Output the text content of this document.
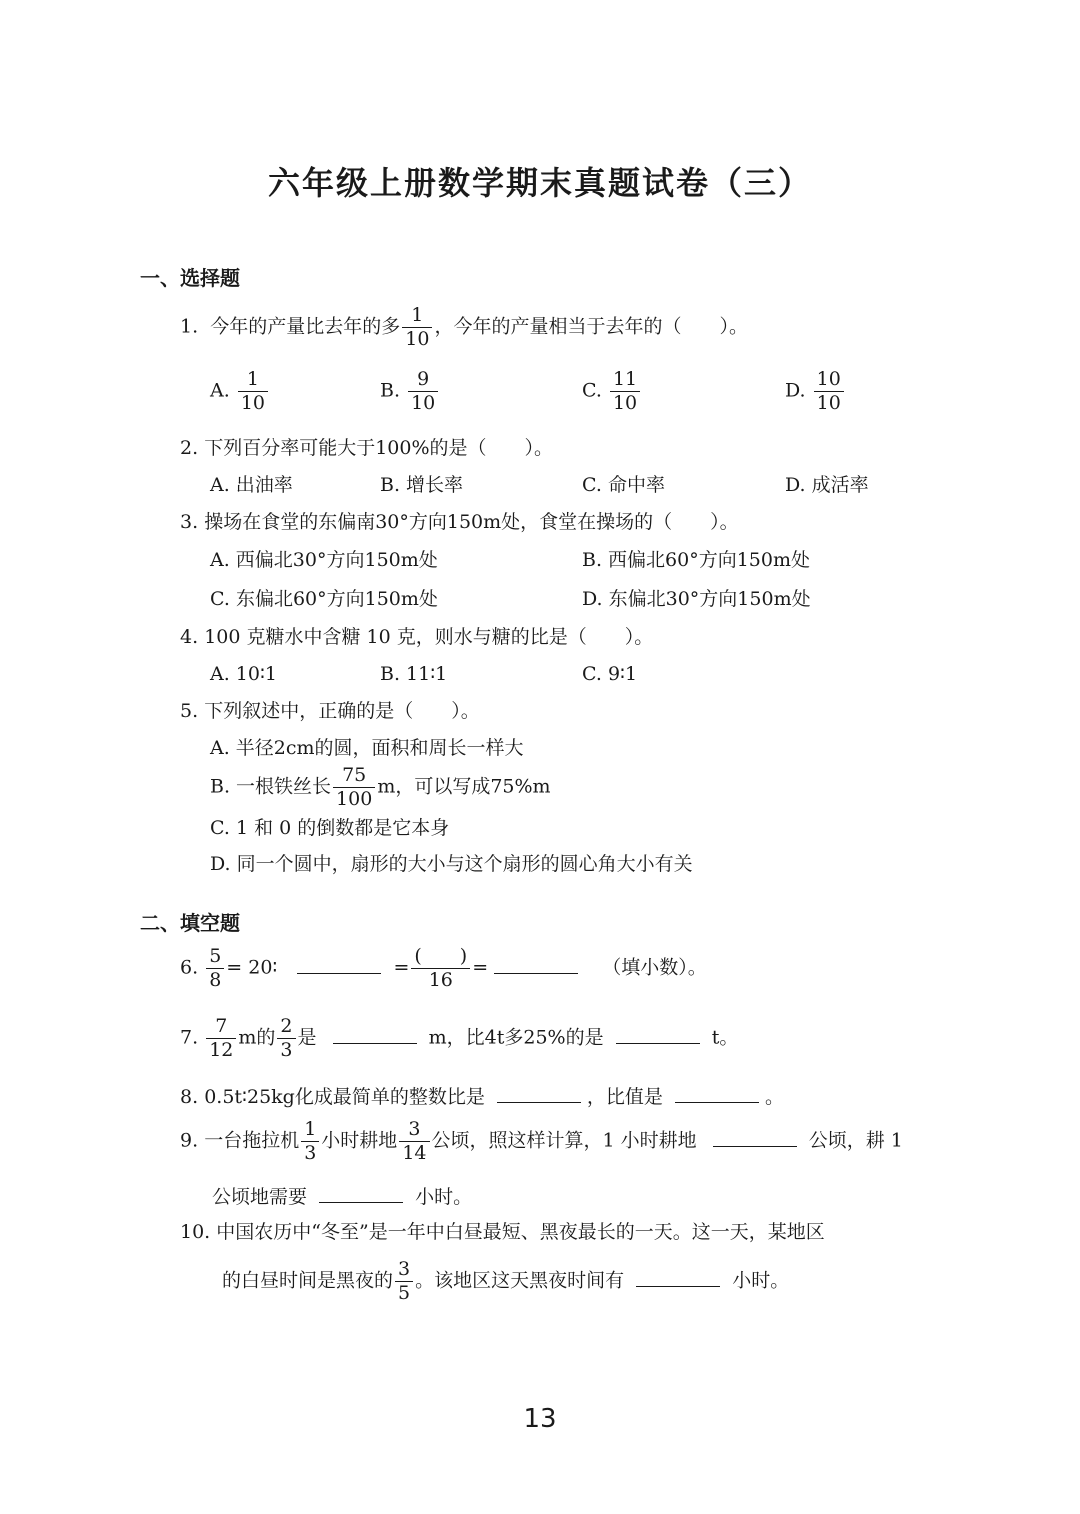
六年级上册数学期末真题试卷（三）
一、选择题
1. 今年的产量比去年的多 $\frac{1}{10}$ ，今年的产量相当于去年的（　　）。
A. $\frac{1}{10}$	B. $\frac{9}{10}$	C. $\frac{11}{10}$	D. $\frac{10}{10}$
2. 下列百分率可能大于100%的是（　　）。
A. 出油率	B. 增长率	C. 命中率	D. 成活率
3. 操场在食堂的东偏南30°方向150m处，食堂在操场的（　　）。
A. 西偏北30°方向150m处	B. 西偏北60°方向150m处
C. 东偏北60°方向150m处	D. 东偏北30°方向150m处
4. 100 克糖水中含糖 10 克，则水与糖的比是（　　）。
A. 10∶1	B. 11∶1	C. 9∶1
5. 下列叙述中，正确的是（　　）。
A. 半径2cm的圆，面积和周长一样大
B. 一根铁丝长 $\frac{75}{100}$ m，可以写成75%m
C. 1 和 0 的倒数都是它本身
D. 同一个圆中，扇形的大小与这个扇形的圆心角大小有关
二、填空题
6. $\frac{5}{8}$ = 20∶	= $\frac{( )}{16}$ =	（填小数）。
7. $\frac{7}{12}$ m的 $\frac{2}{3}$ 是	m，比4t多25%的是	t。
8. 0.5t∶25kg化成最简单的整数比是	，比值是	。
9. 一台拖拉机 $\frac{1}{3}$ 小时耕地 $\frac{3}{14}$ 公顷，照这样计算，1 小时耕地	公顷，耕 1
公顷地需要	小时。
10. 中国农历中“冬至”是一年中白昼最短、黑夜最长的一天。这一天，某地区
的白昼时间是黑夜的 $\frac{3}{5}$ 。该地区这天黑夜时间有	小时。
13
